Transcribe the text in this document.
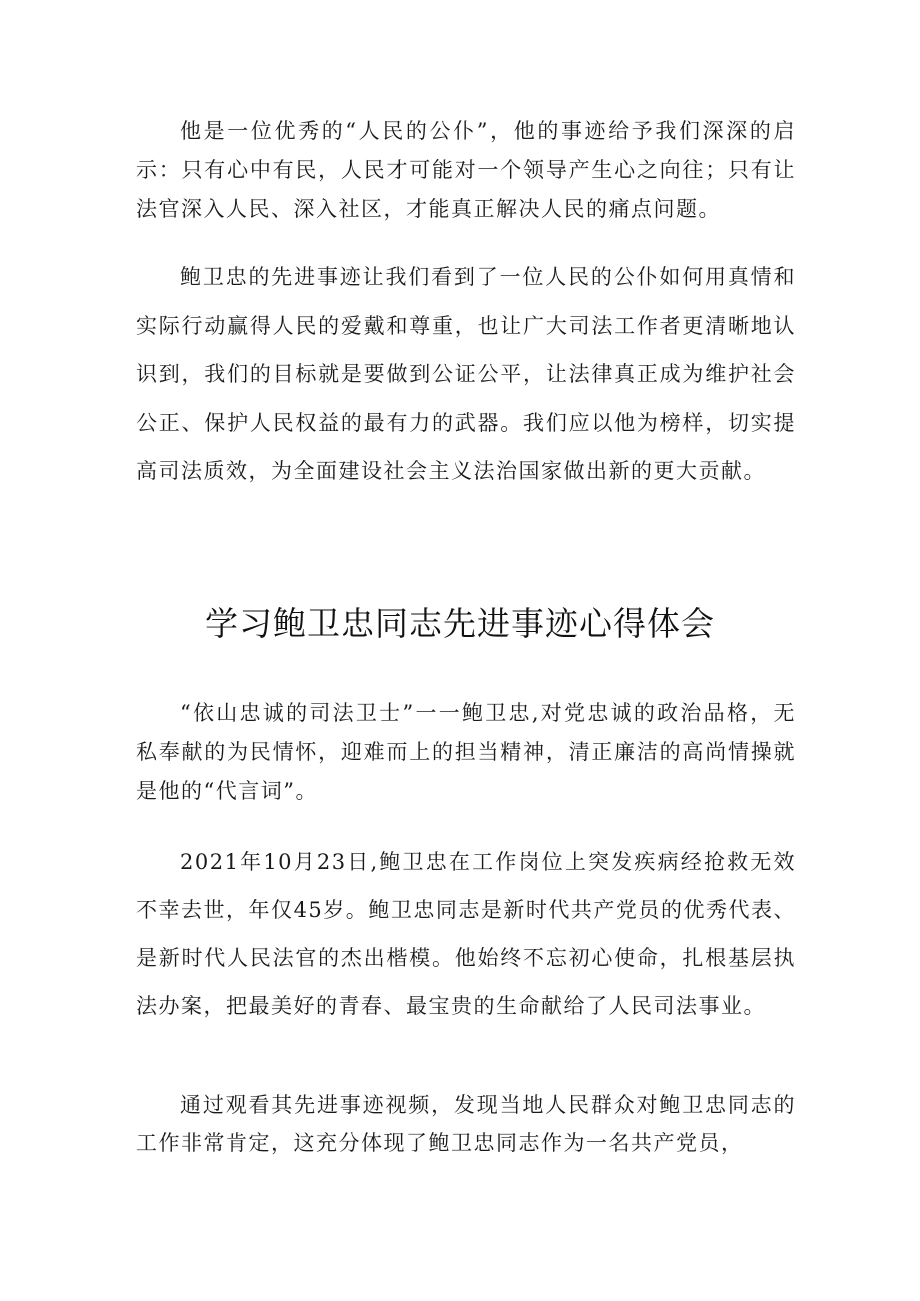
他是一位优秀的“人民的公仆”，他的事迹给予我们深深的启示：只有心中有民，人民才可能对一个领导产生心之向往；只有让法官深入人民、深入社区，才能真正解决人民的痛点问题。

鲍卫忠的先进事迹让我们看到了一位人民的公仆如何用真情和实际行动赢得人民的爱戴和尊重，也让广大司法工作者更清晰地认识到，我们的目标就是要做到公证公平，让法律真正成为维护社会公正、保护人民权益的最有力的武器。我们应以他为榜样，切实提高司法质效，为全面建设社会主义法治国家做出新的更大贡献。

学习鲍卫忠同志先进事迹心得体会

“依山忠诚的司法卫士”一一鲍卫忠,对党忠诚的政治品格，无私奉献的为民情怀，迎难而上的担当精神，清正廉洁的高尚情操就是他的“代言词”。

2021年10月23日,鲍卫忠在工作岗位上突发疾病经抢救无效不幸去世，年仅45岁。鲍卫忠同志是新时代共产党员的优秀代表、是新时代人民法官的杰出楷模。他始终不忘初心使命，扎根基层执法办案，把最美好的青春、最宝贵的生命献给了人民司法事业。

通过观看其先进事迹视频，发现当地人民群众对鲍卫忠同志的工作非常肯定，这充分体现了鲍卫忠同志作为一名共产党员，
